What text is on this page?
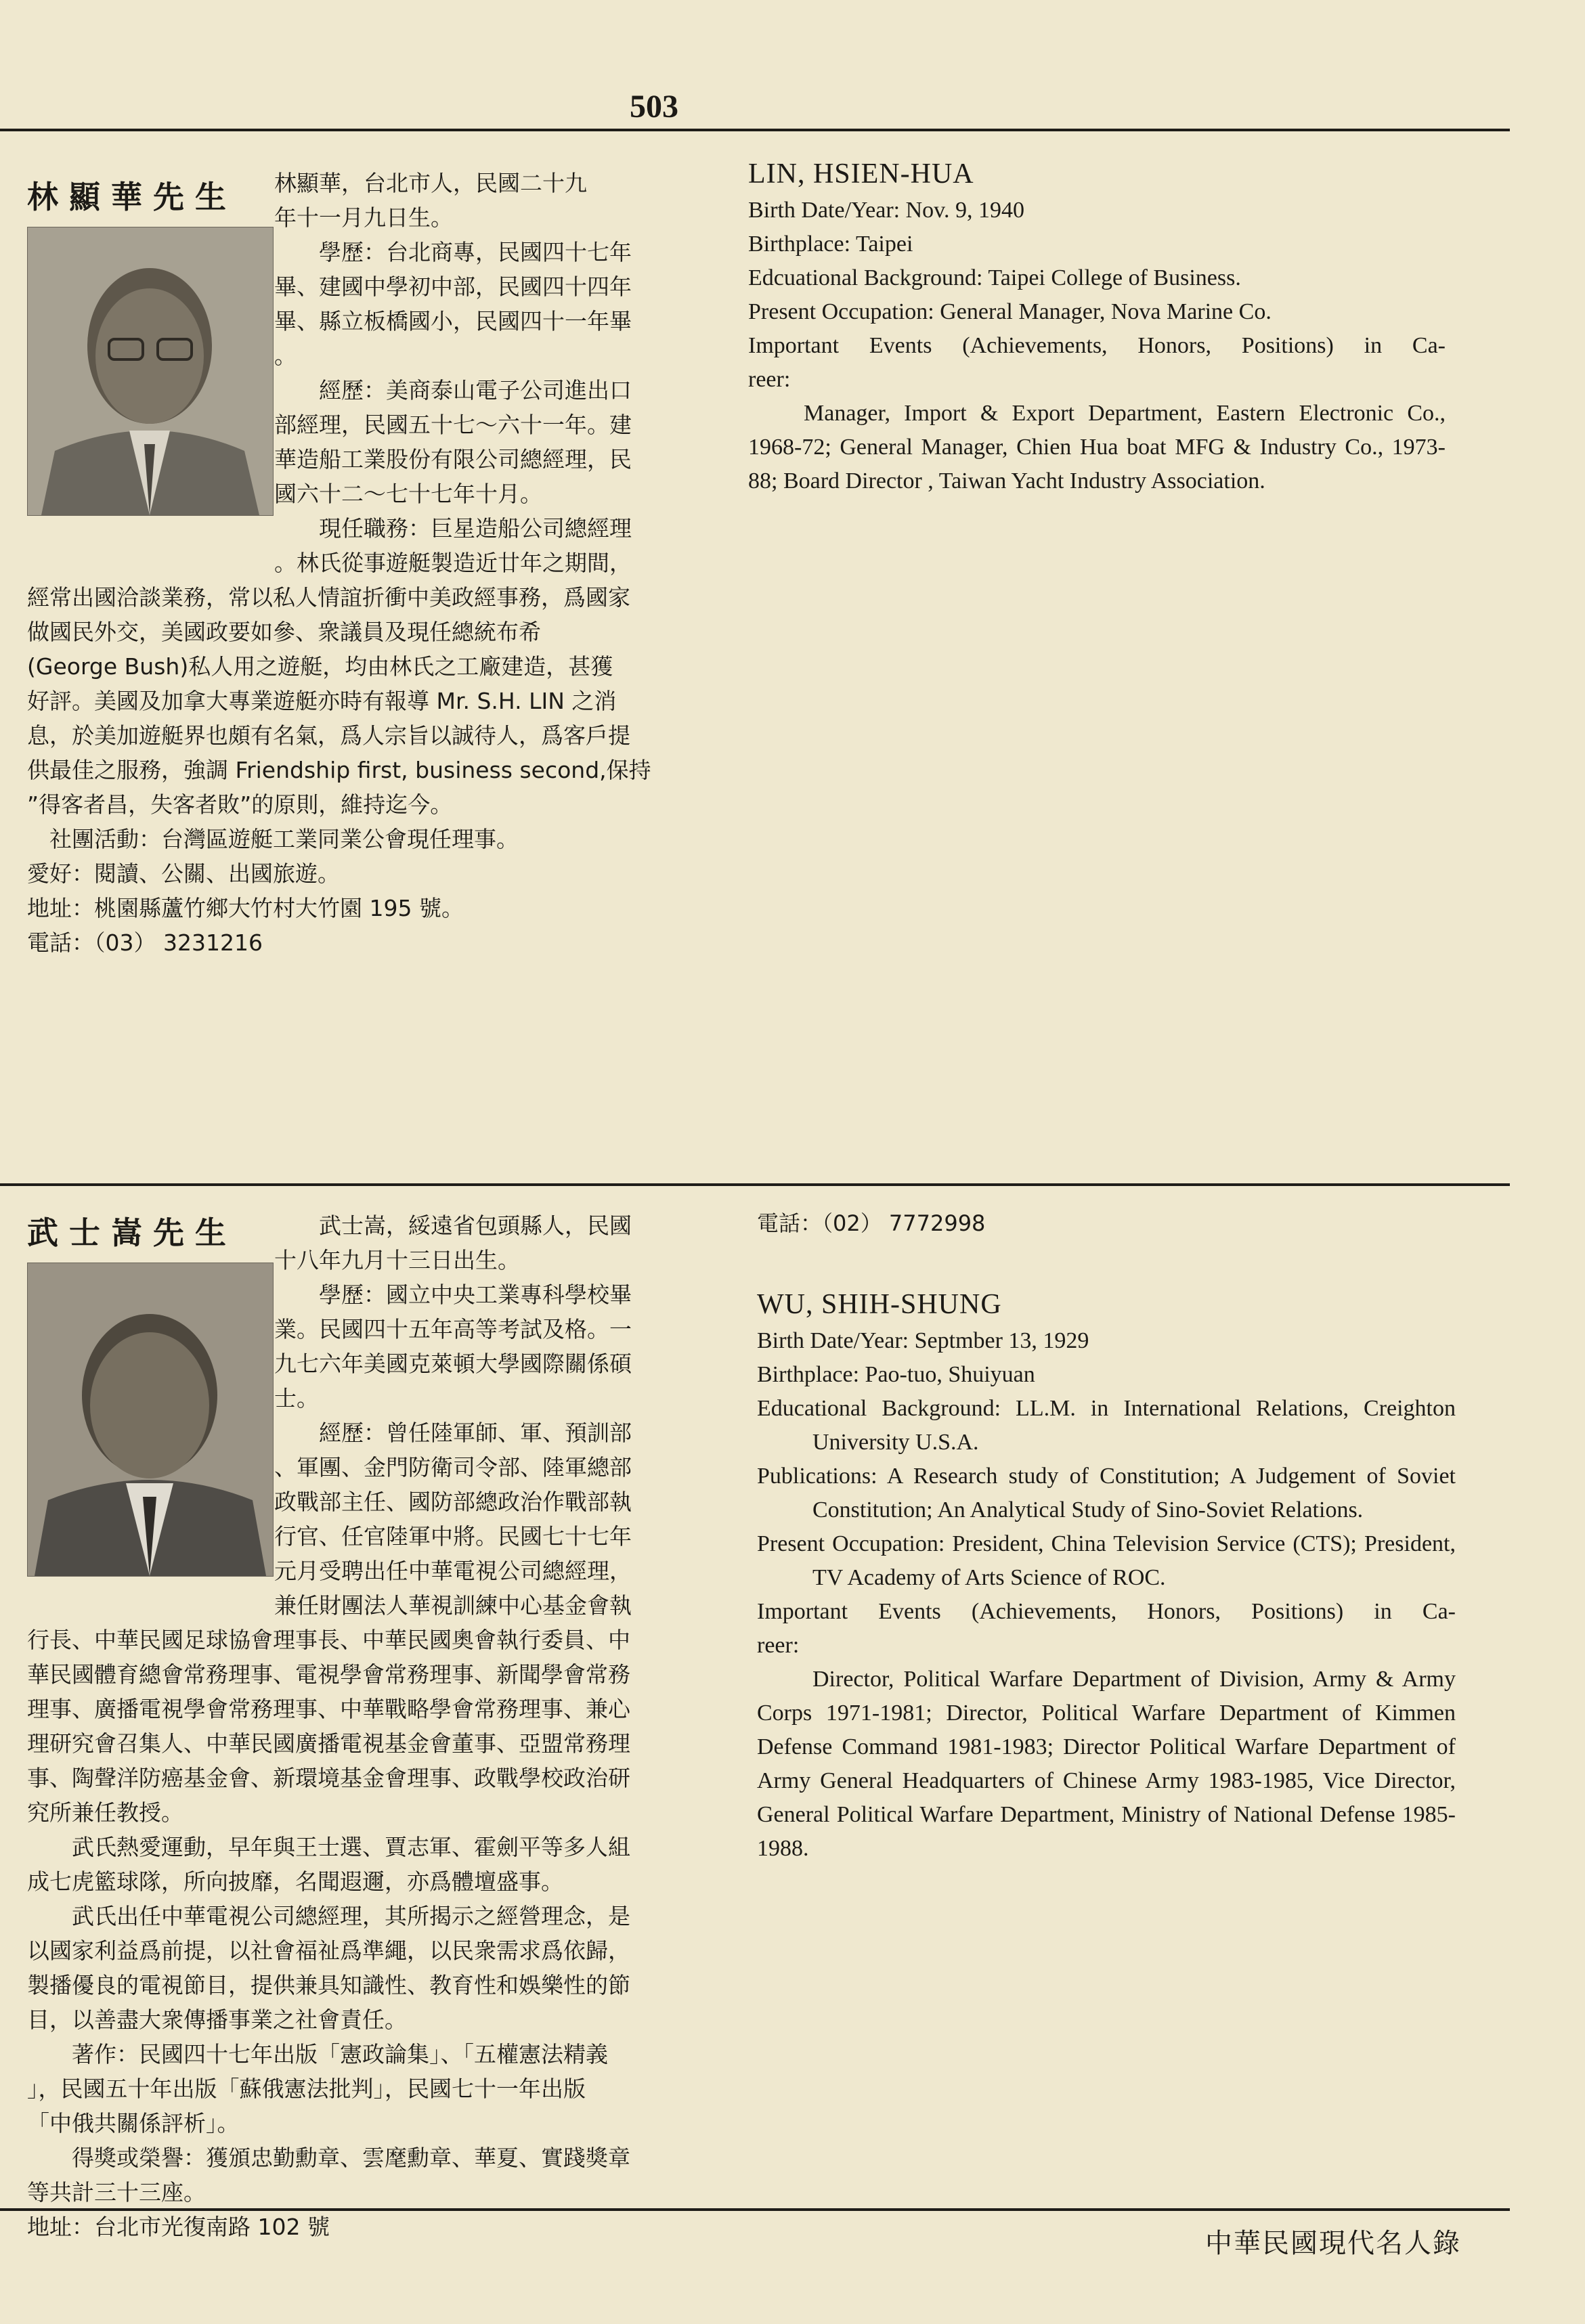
503
林顯華先生	林顯華，台北市人，民國二十九
年十一月九日生。
學歷：台北商專，民國四十七年
畢、建國中學初中部，民國四十四年
畢、縣立板橋國小，民國四十一年畢
。
經歷：美商泰山電子公司進出口
部經理，民國五十七～六十一年。建
華造船工業股份有限公司總經理，民
國六十二～七十七年十月。
現任職務：巨星造船公司總經理
。林氏從事遊艇製造近廿年之期間，
經常出國洽談業務，常以私人情誼折衝中美政經事務，爲國家
做國民外交，美國政要如參、衆議員及現任總統布希
(George Bush)私人用之遊艇，均由林氏之工廠建造，甚獲
好評。美國及加拿大專業遊艇亦時有報導 Mr. S.H. LIN 之消
息，於美加遊艇界也頗有名氣，爲人宗旨以誠待人，爲客戶提
供最佳之服務，強調 Friendship first, business second,保持
”得客者昌，失客者敗”的原則，維持迄今。
社團活動：台灣區遊艇工業同業公會現任理事。
愛好：閱讀、公關、出國旅遊。
地址：桃園縣蘆竹鄉大竹村大竹園 195 號。
電話：（03） 3231216
LIN, HSIEN-HUA

Birth Date/Year: Nov. 9, 1940

Birthplace: Taipei

Edcuational Background: Taipei College of Business.

Present Occupation: General Manager, Nova Marine Co.

Important Events (Achievements, Honors, Positions) in Ca-

reer:

Manager, Import & Export Department, Eastern Electronic Co., 1968-72; General Manager, Chien Hua boat MFG & Industry Co., 1973-88; Board Director , Taiwan Yacht Industry Association.

武士嵩先生	武士嵩，綏遠省包頭縣人，民國
十八年九月十三日出生。
學歷：國立中央工業專科學校畢
業。民國四十五年高等考試及格。一
九七六年美國克萊頓大學國際關係碩
士。
經歷：曾任陸軍師、軍、預訓部
、軍團、金門防衛司令部、陸軍總部
政戰部主任、國防部總政治作戰部執
行官、任官陸軍中將。民國七十七年
元月受聘出任中華電視公司總經理，
兼任財團法人華視訓練中心基金會執
行長、中華民國足球協會理事長、中華民國奧會執行委員、中
華民國體育總會常務理事、電視學會常務理事、新聞學會常務
理事、廣播電視學會常務理事、中華戰略學會常務理事、兼心
理研究會召集人、中華民國廣播電視基金會董事、亞盟常務理
事、陶聲洋防癌基金會、新環境基金會理事、政戰學校政治研
究所兼任教授。
武氏熱愛運動，早年與王士選、賈志軍、霍劍平等多人組
成七虎籃球隊，所向披靡，名聞遐邇，亦爲體壇盛事。
武氏出任中華電視公司總經理，其所揭示之經營理念，是
以國家利益爲前提，以社會福祉爲準繩，以民衆需求爲依歸，
製播優良的電視節目，提供兼具知識性、教育性和娛樂性的節
目，以善盡大衆傳播事業之社會責任。
著作：民國四十七年出版「憲政論集」、「五權憲法精義
」，民國五十年出版「蘇俄憲法批判」，民國七十一年出版
「中俄共關係評析」。
得獎或榮譽：獲頒忠勤勳章、雲麾勳章、華夏、實踐獎章
等共計三十三座。
地址：台北市光復南路 102 號
電話：（02） 7772998
WU, SHIH-SHUNG

Birth Date/Year: Septmber 13, 1929

Birthplace: Pao-tuo, Shuiyuan

Educational Background: LL.M. in International Relations, Creighton University U.S.A.

Publications: A Research study of Constitution; A Judgement of Soviet Constitution; An Analytical Study of Sino-Soviet Relations.

Present Occupation: President, China Television Service (CTS); President, TV Academy of Arts Science of ROC.

Important Events (Achievements, Honors, Positions) in Ca-

reer:

Director, Political Warfare Department of Division, Army & Army Corps 1971-1981; Director, Political Warfare Department of Kimmen Defense Command 1981-1983; Director Political Warfare Department of Army General Headquarters of Chinese Army 1983-1985, Vice Director, General Political Warfare Department, Ministry of National Defense 1985-1988.

中華民國現代名人錄
